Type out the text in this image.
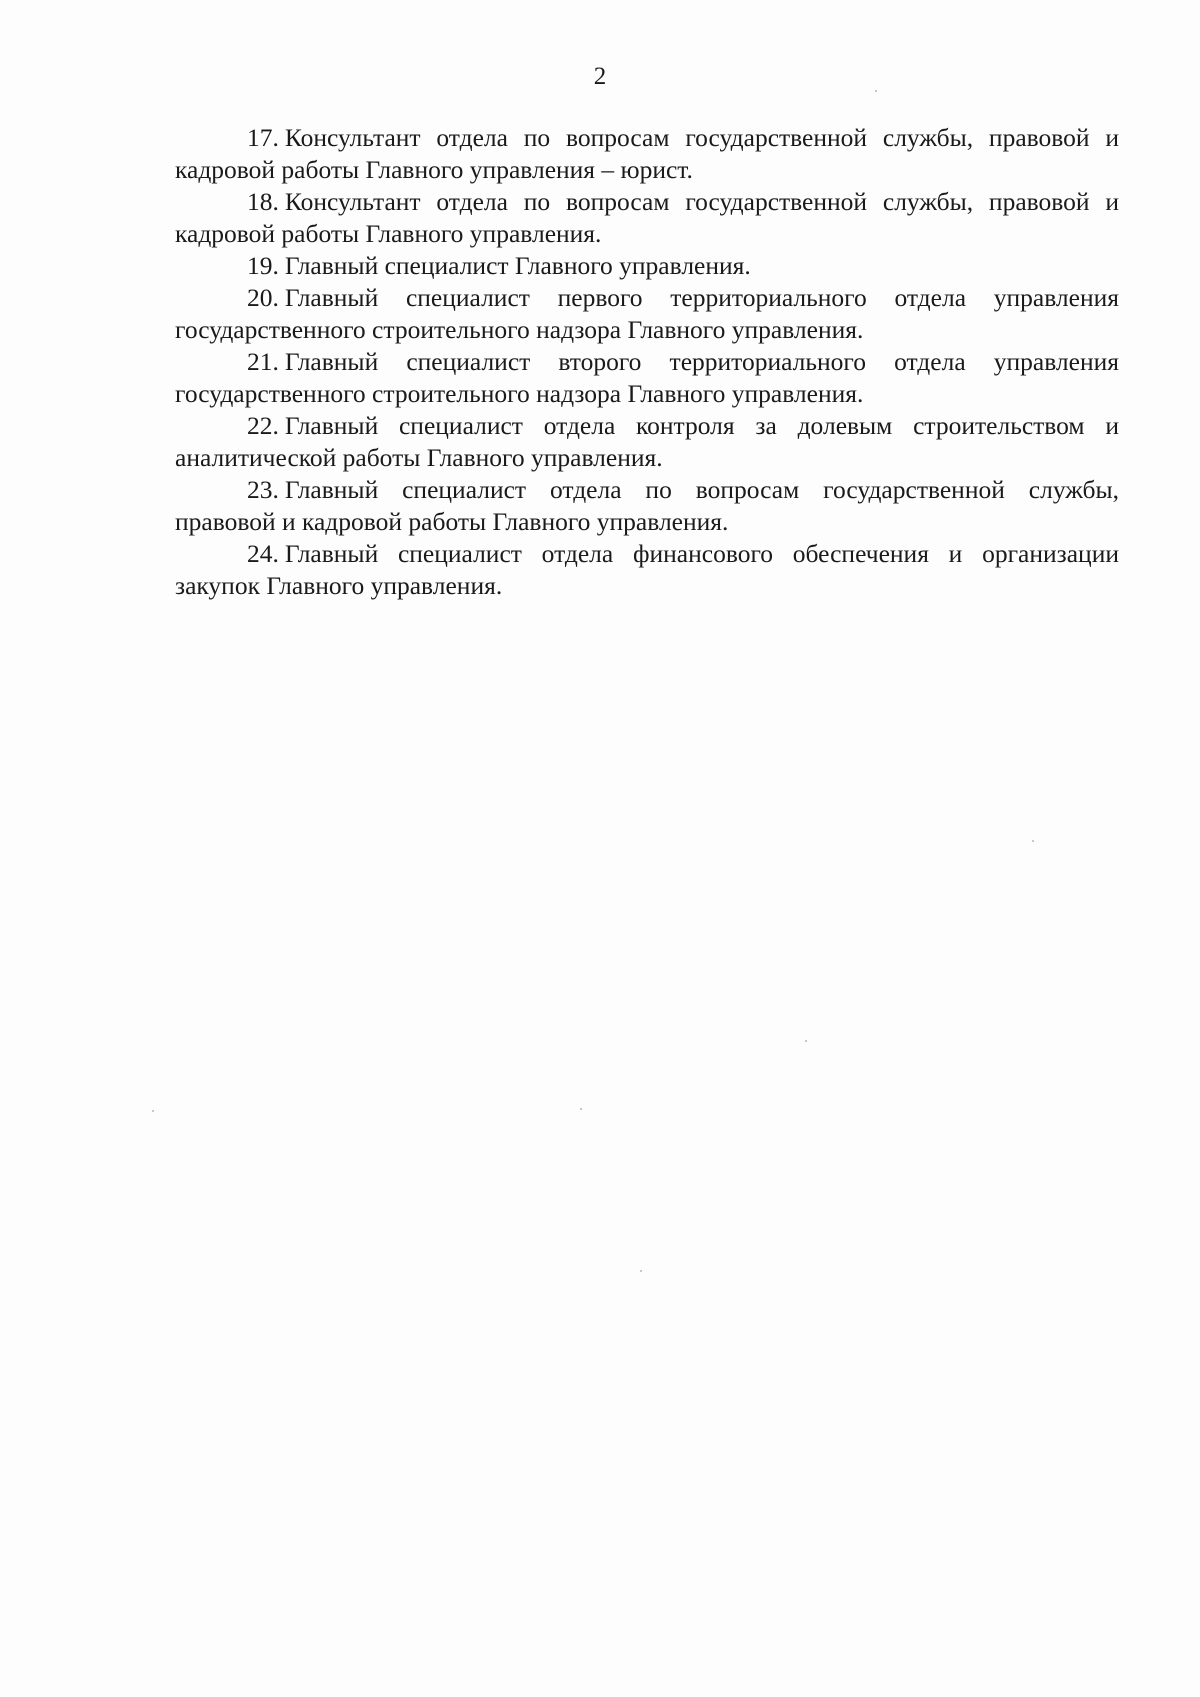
2

17. Консультант отдела по вопросам государственной службы, правовой и кадровой работы Главного управления – юрист.

18. Консультант отдела по вопросам государственной службы, правовой и кадровой работы Главного управления.

19. Главный специалист Главного управления.

20. Главный специалист первого территориального отдела управления государственного строительного надзора Главного управления.

21. Главный специалист второго территориального отдела управления государственного строительного надзора Главного управления.

22. Главный специалист отдела контроля за долевым строительством и аналитической работы Главного управления.

23. Главный специалист отдела по вопросам государственной службы, правовой и кадровой работы Главного управления.

24. Главный специалист отдела финансового обеспечения и организации закупок Главного управления.
